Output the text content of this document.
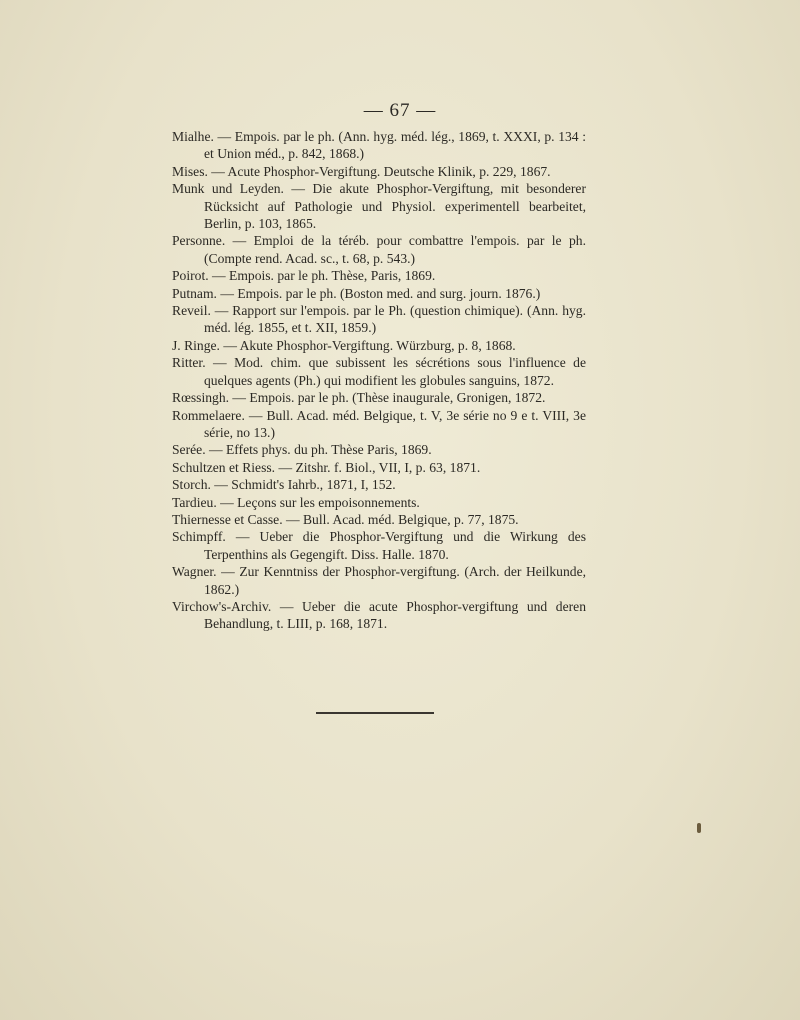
— 67 —

Mialhe. — Empois. par le ph. (Ann. hyg. méd. lég., 1869, t. XXXI, p. 134 : et Union méd., p. 842, 1868.)

Mises. — Acute Phosphor-Vergiftung. Deutsche Klinik, p. 229, 1867.

Munk und Leyden. — Die akute Phosphor-Vergiftung, mit besonderer Rücksicht auf Pathologie und Physiol. experimentell bearbeitet, Berlin, p. 103, 1865.

Personne. — Emploi de la téréb. pour combattre l'empois. par le ph. (Compte rend. Acad. sc., t. 68, p. 543.)

Poirot. — Empois. par le ph. Thèse, Paris, 1869.

Putnam. — Empois. par le ph. (Boston med. and surg. journ. 1876.)

Reveil. — Rapport sur l'empois. par le Ph. (question chimique). (Ann. hyg. méd. lég. 1855, et t. XII, 1859.)

J. Ringe. — Akute Phosphor-Vergiftung. Würzburg, p. 8, 1868.

Ritter. — Mod. chim. que subissent les sécrétions sous l'influence de quelques agents (Ph.) qui modifient les globules sanguins, 1872.

Rœssingh. — Empois. par le ph. (Thèse inaugurale, Gronigen, 1872.

Rommelaere. — Bull. Acad. méd. Belgique, t. V, 3e série no 9 e t. VIII, 3e série, no 13.)

Serée. — Effets phys. du ph. Thèse Paris, 1869.

Schultzen et Riess. — Zitshr. f. Biol., VII, I, p. 63, 1871.

Storch. — Schmidt's Iahrb., 1871, I, 152.

Tardieu. — Leçons sur les empoisonnements.

Thiernesse et Casse. — Bull. Acad. méd. Belgique, p. 77, 1875.

Schimpff. — Ueber die Phosphor-Vergiftung und die Wirkung des Terpenthins als Gegengift. Diss. Halle. 1870.

Wagner. — Zur Kenntniss der Phosphor-vergiftung. (Arch. der Heilkunde, 1862.)

Virchow's-Archiv. — Ueber die acute Phosphor-vergiftung und deren Behandlung, t. LIII, p. 168, 1871.
